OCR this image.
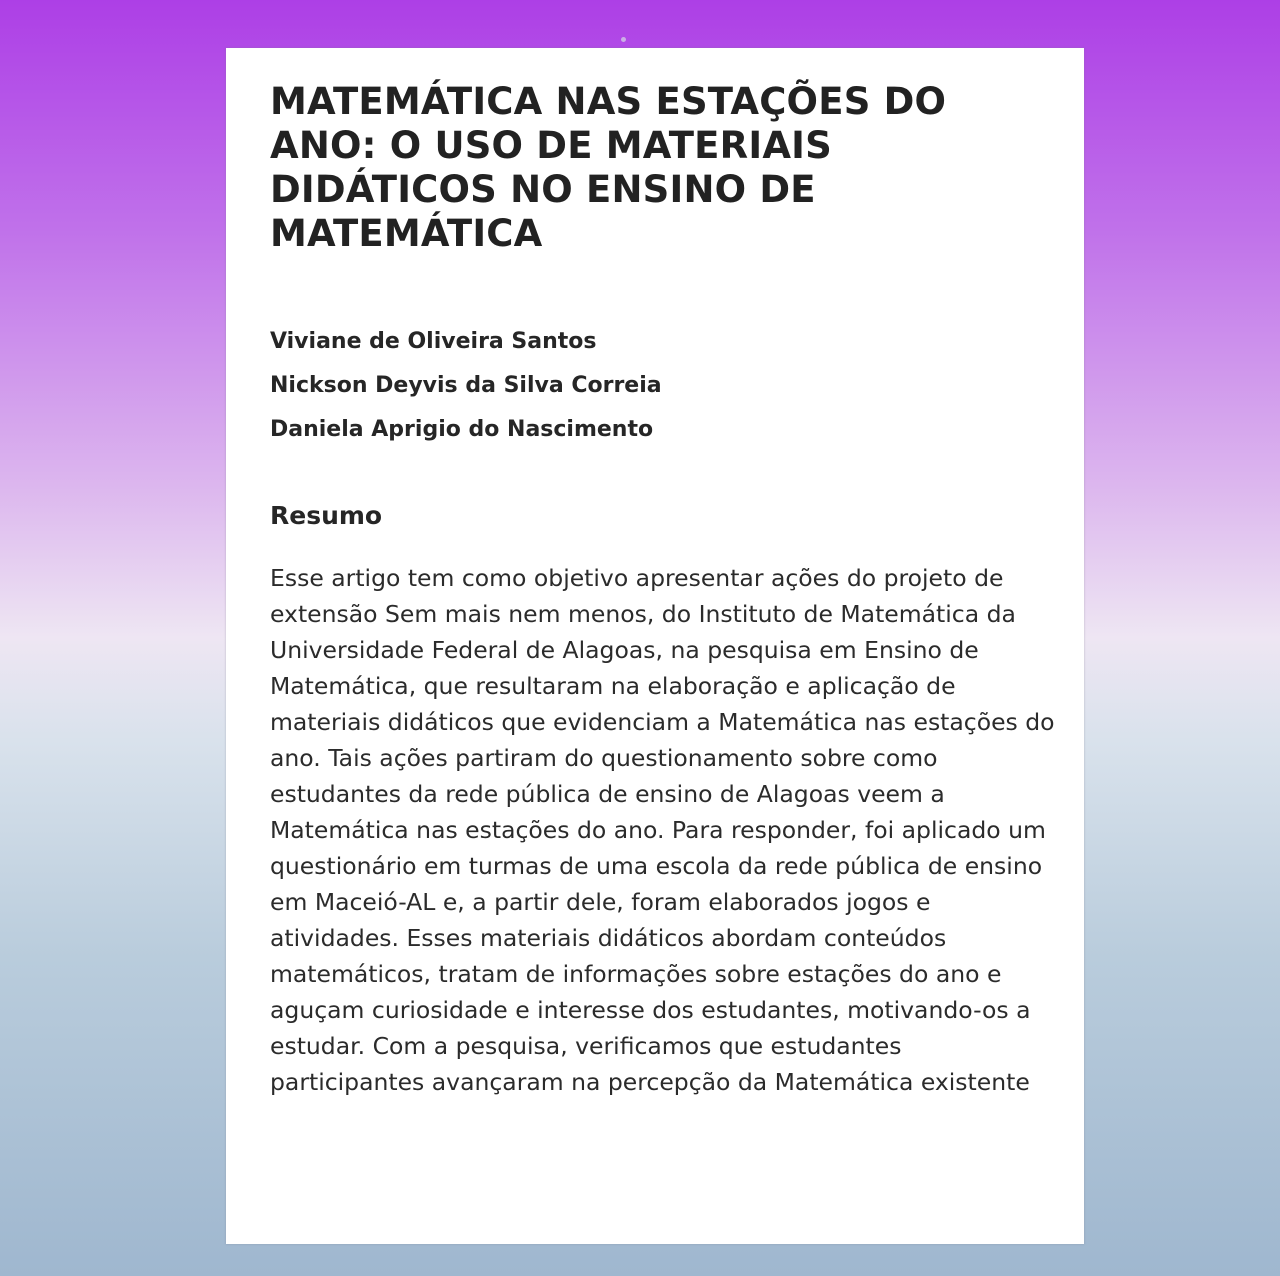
MATEMÁTICA NAS ESTAÇÕES DO ANO: O USO DE MATERIAIS DIDÁTICOS NO ENSINO DE MATEMÁTICA
Viviane de Oliveira Santos
Nickson Deyvis da Silva Correia
Daniela Aprigio do Nascimento
Resumo
Esse artigo tem como objetivo apresentar ações do projeto de extensão Sem mais nem menos, do Instituto de Matemática da Universidade Federal de Alagoas, na pesquisa em Ensino de Matemática, que resultaram na elaboração e aplicação de materiais didáticos que evidenciam a Matemática nas estações do ano. Tais ações partiram do questionamento sobre como estudantes da rede pública de ensino de Alagoas veem a Matemática nas estações do ano. Para responder, foi aplicado um questionário em turmas de uma escola da rede pública de ensino em Maceió-AL e, a partir dele, foram elaborados jogos e atividades. Esses materiais didáticos abordam conteúdos matemáticos, tratam de informações sobre estações do ano e aguçam curiosidade e interesse dos estudantes, motivando-os a estudar. Com a pesquisa, verificamos que estudantes participantes avançaram na percepção da Matemática existente
